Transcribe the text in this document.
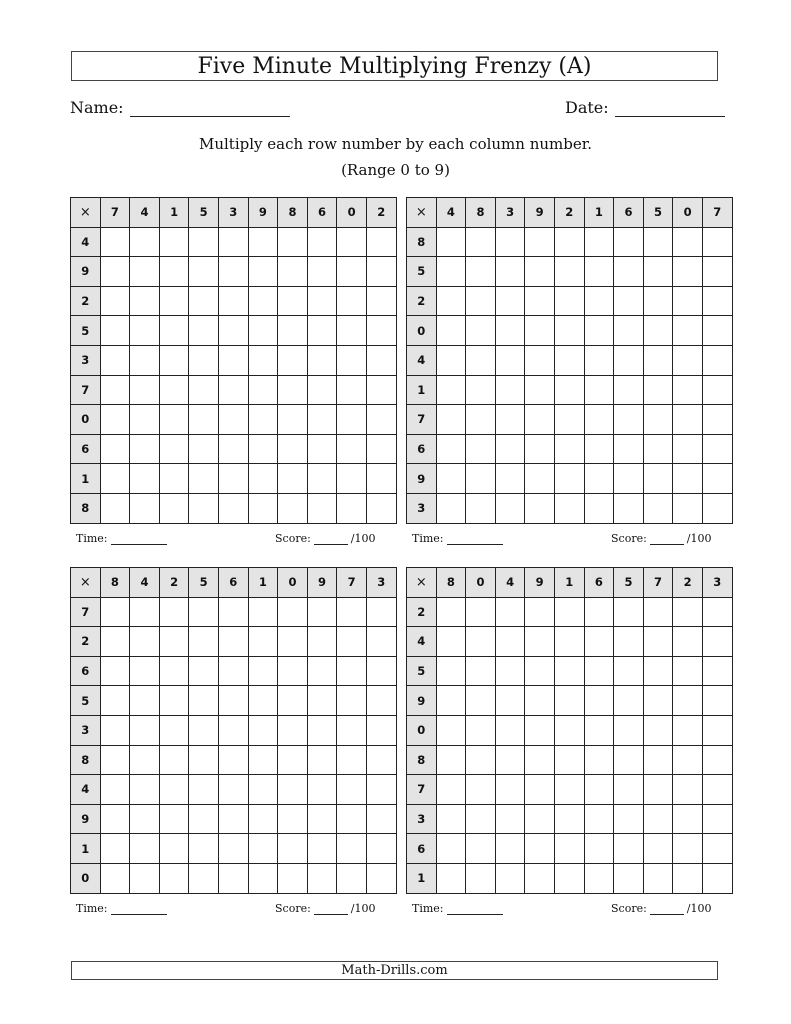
Five Minute Multiplying Frenzy (A)
Name:	Date:
Multiply each row number by each column number.
(Range 0 to 9)
×	7	4	1	5	3	9	8	6	0	2
4										
9										
2										
5										
3										
7										
0										
6										
1										
8										
Time:	Score:	/100
×	4	8	3	9	2	1	6	5	0	7
8										
5										
2										
0										
4										
1										
7										
6										
9										
3										
Time:	Score:	/100
×	8	4	2	5	6	1	0	9	7	3
7										
2										
6										
5										
3										
8										
4										
9										
1										
0										
Time:	Score:	/100
×	8	0	4	9	1	6	5	7	2	3
2										
4										
5										
9										
0										
8										
7										
3										
6										
1										
Time:	Score:	/100
Math-Drills.com
